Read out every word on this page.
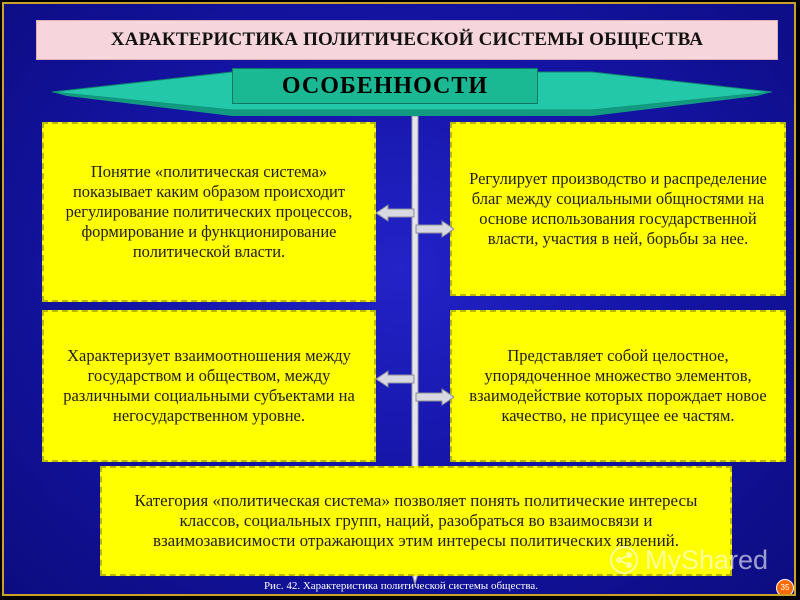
ХАРАКТЕРИСТИКА ПОЛИТИЧЕСКОЙ СИСТЕМЫ ОБЩЕСТВА
ОСОБЕННОСТИ
Понятие «политическая система» показывает каким образом происходит регулирование политических процессов, формирование и функционирование политической власти.
Регулирует производство и распределение благ между социальными общностями на основе использования государственной власти, участия в ней, борьбы за нее.
Характеризует взаимоотношения между государством и обществом, между различными социальными субъектами на негосударственном уровне.
Представляет собой целостное, упорядоченное множество элементов, взаимодействие которых порождает новое качество, не присущее ее частям.
Категория «политическая система» позволяет понять политические интересы классов, социальных групп, наций, разобраться во взаимосвязи и взаимозависимости отражающих этим интересы политических явлений.
MyShared
Рис. 42. Характеристика политической системы общества.	35
